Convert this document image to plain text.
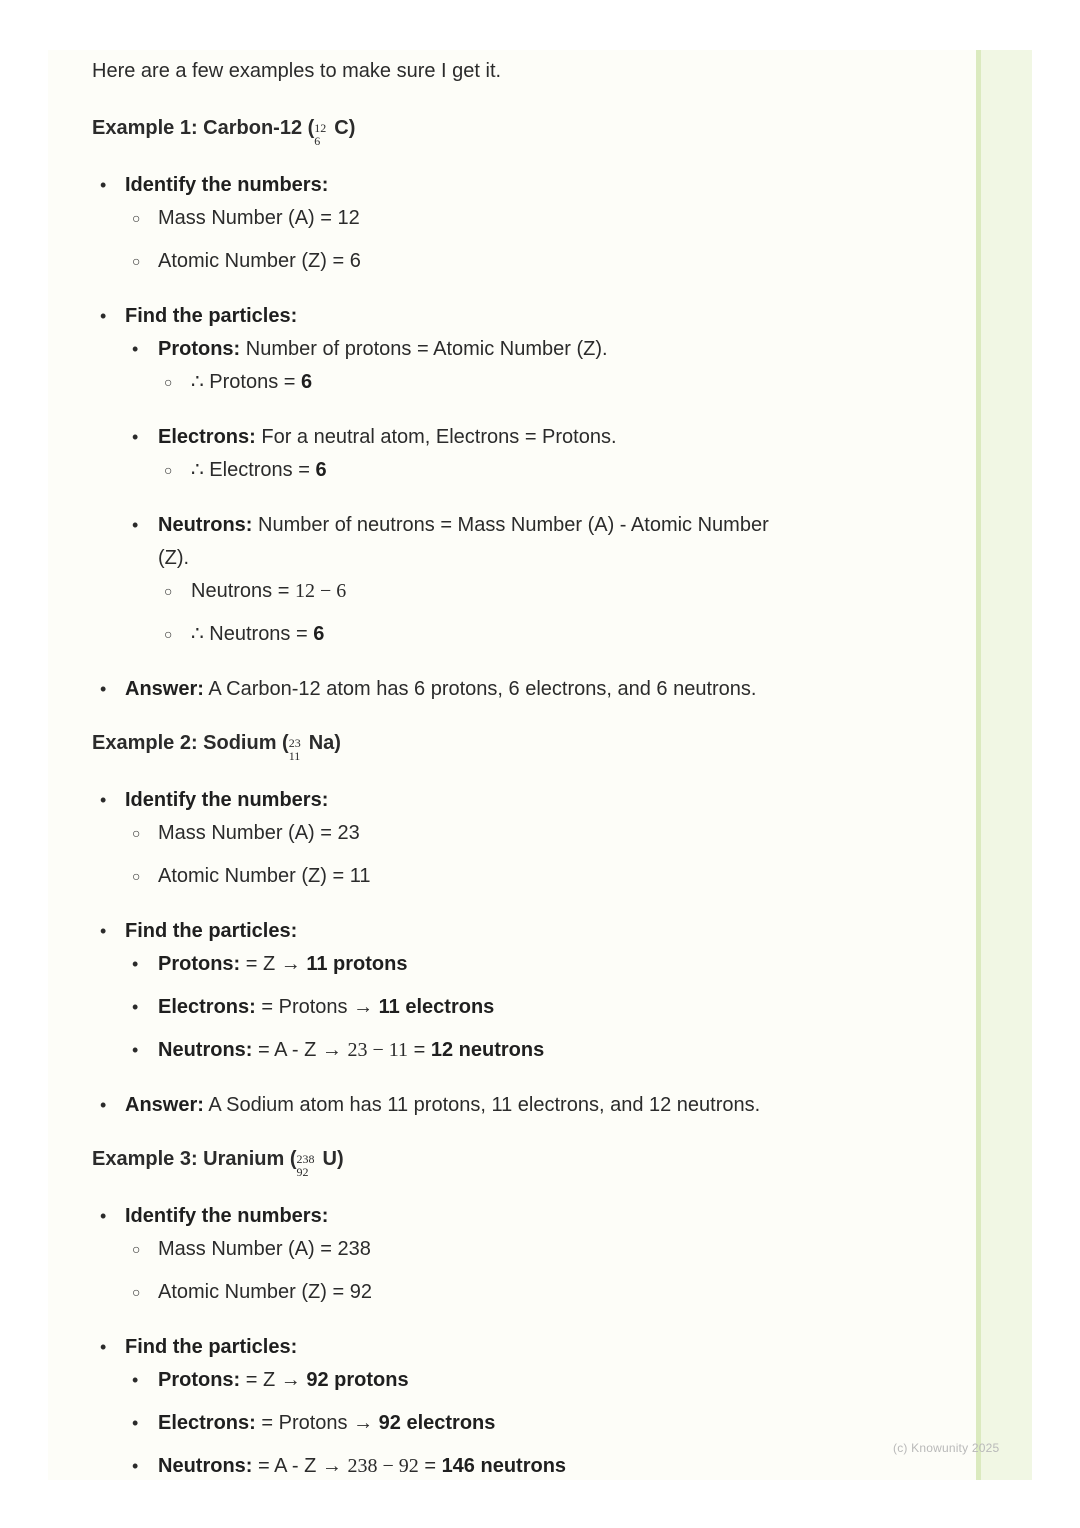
(c) Knowunity 2025

Here are a few examples to make sure I get it.

Example 1: Carbon-12 ( 12
6
C)
• Identify the numbers:
○ Mass Number (A) = 12
○ Atomic Number (Z) = 6
• Find the particles:
• Protons: Number of protons = Atomic Number (Z).
○ ∴ Protons = 6
• Electrons: For a neutral atom, Electrons = Protons.
○ ∴ Electrons = 6
• Neutrons: Number of neutrons = Mass Number (A) - Atomic Number
(Z).
○ Neutrons = 12 − 6
○ ∴ Neutrons = 6
• Answer: A Carbon-12 atom has 6 protons, 6 electrons, and 6 neutrons.
Example 2: Sodium ( 23
11
Na)
• Identify the numbers:
○ Mass Number (A) = 23
○ Atomic Number (Z) = 11
• Find the particles:
• Protons: = Z → 11 protons
• Electrons: = Protons → 11 electrons
• Neutrons: = A - Z → 23 − 11 = 12 neutrons
• Answer: A Sodium atom has 11 protons, 11 electrons, and 12 neutrons.
Example 3: Uranium ( 238
92
U)
• Identify the numbers:
○ Mass Number (A) = 238
○ Atomic Number (Z) = 92
• Find the particles:
• Protons: = Z → 92 protons
• Electrons: = Protons → 92 electrons
• Neutrons: = A - Z → 238 − 92 = 146 neutrons
